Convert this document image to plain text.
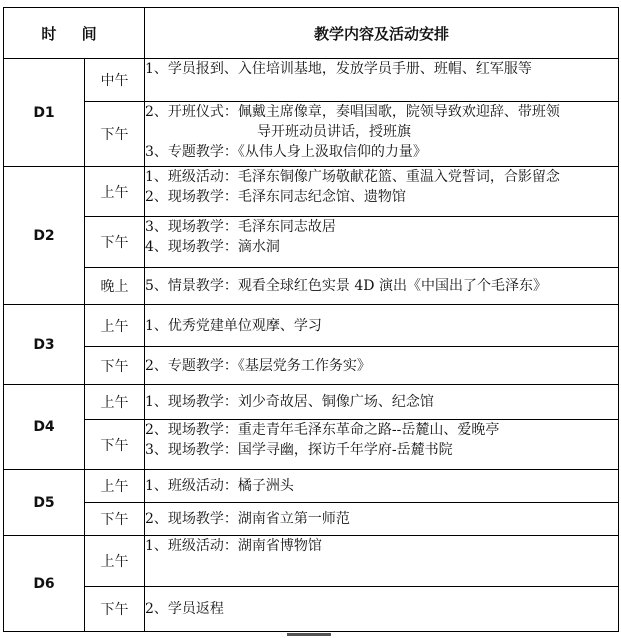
时 间		教学内容及活动安排
D1	中午	1、学员报到、入住培训基地，发放学员手册、班帽、红军服等

	下午	2、开班仪式：佩戴主席像章，奏唱国歌，院领导致欢迎辞、带班领
导开班动员讲话，授班旗
3、专题教学：《从伟人身上汲取信仰的力量》

D2	上午	1、班级活动：毛泽东铜像广场敬献花篮、重温入党誓词，合影留念
2、现场教学：毛泽东同志纪念馆、遗物馆

	下午	3、现场教学：毛泽东同志故居
4、现场教学：滴水洞

	晚上	5、情景教学：观看全球红色实景 4D 演出《中国出了个毛泽东》

D3	上午	1、优秀党建单位观摩、学习

	下午	2、专题教学：《基层党务工作务实》

D4	上午	1、现场教学：刘少奇故居、铜像广场、纪念馆

	下午	2、现场教学：重走青年毛泽东革命之路--岳麓山、爱晚亭
3、现场教学：国学寻幽，探访千年学府-岳麓书院

D5	上午	1、班级活动：橘子洲头

	下午	2、现场教学：湖南省立第一师范

D6	上午	1、班级活动：湖南省博物馆

	下午	2、学员返程
